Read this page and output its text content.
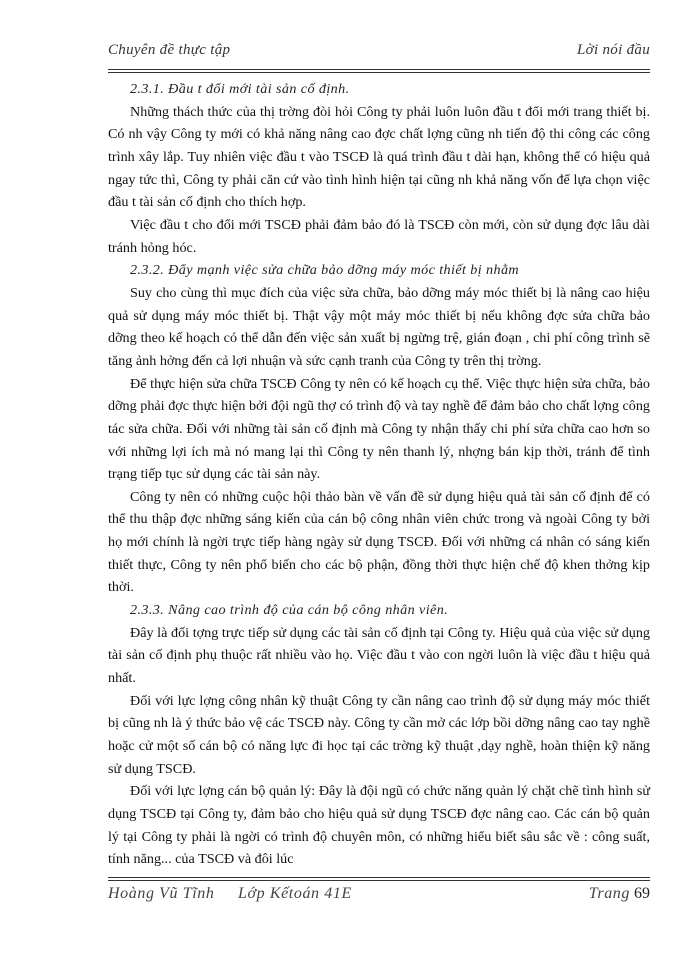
Chuyên đề thực tập	Lời nói đầu

2.3.1. Đầu t đổi mới tài sản cố định.

Những thách thức của thị trờng đòi hỏi Công ty phải luôn luôn đầu t đổi mới trang thiết bị. Có nh vậy Công ty mới có khả năng nâng cao đợc chất lợng cũng nh tiến độ thi công các công trình xây lắp. Tuy nhiên việc đầu t vào TSCĐ là quá trình đầu t dài hạn, không thể có hiệu quả ngay tức thì, Công ty phải căn cứ vào tình hình hiện tại cũng nh khả năng vốn để lựa chọn việc đầu t tài sản cố định cho thích hợp.

Việc đầu t cho đổi mới TSCĐ phải đảm bảo đó là TSCĐ còn mới, còn sử dụng đợc lâu dài tránh hỏng hóc.

2.3.2. Đẩy mạnh việc sửa chữa bảo dỡng máy móc thiết bị nhằm

Suy cho cùng thì mục đích của việc sửa chữa, bảo dỡng máy móc thiết bị là nâng cao hiệu quả sử dụng máy móc thiết bị. Thật vậy một máy móc thiết bị nếu không đợc sửa chữa bảo dỡng theo kế hoạch có thể dẫn đến việc sản xuất bị ngừng trệ, gián đoạn , chi phí công trình sẽ tăng ảnh hởng đến cả lợi nhuận và sức cạnh tranh của Công ty trên thị trờng.

Để thực hiện sửa chữa TSCĐ Công ty nên có kế hoạch cụ thể. Việc thực hiện sửa chữa, bảo dỡng phải đợc thực hiện bởi đội ngũ thợ có trình độ và tay nghề để đảm bảo cho chất lợng công tác sửa chữa. Đối với những tài sản cố định mà Công ty nhận thấy chi phí sửa chữa cao hơn so với những lợi ích mà nó mang lại thì Công ty nên thanh lý, nhợng bán kịp thời, tránh để tình trạng tiếp tục sử dụng các tài sản này.

Công ty nên có những cuộc hội thảo bàn về vấn đề sử dụng hiệu quả tài sản cố định để có thể thu thập đợc những sáng kiến của cán bộ công nhân viên chức trong và ngoài Công ty bởi họ mới chính là ngời trực tiếp hàng ngày sử dụng TSCĐ. Đối với những cá nhân có sáng kiến thiết thực, Công ty nên phổ biến cho các bộ phận, đồng thời thực hiện chế độ khen thởng kịp thời.

2.3.3. Nâng cao trình độ của cán bộ công nhân viên.

Đây là đối tợng trực tiếp sử dụng các tài sản cố định tại Công ty. Hiệu quả của việc sử dụng tài sản cố định phụ thuộc rất nhiều vào họ. Việc đầu t vào con ngời luôn là việc đầu t hiệu quả nhất.

Đối với lực lợng công nhân kỹ thuật Công ty cần nâng cao trình độ sử dụng máy móc thiết bị cũng nh là ý thức bảo vệ các TSCĐ này. Công ty cần mở các lớp bồi dỡng nâng cao tay nghề hoặc cử một số cán bộ có năng lực đi học tại các trờng kỹ thuật ,dạy nghề, hoàn thiện kỹ năng sử dụng TSCĐ.

Đối với lực lợng cán bộ quản lý: Đây là đội ngũ có chức năng quản lý chặt chẽ tình hình sử dụng TSCĐ tại Công ty, đảm bảo cho hiệu quả sử dụng TSCĐ đợc nâng cao. Các cán bộ quản lý tại Công ty phải là ngời có trình độ chuyên môn, có những hiểu biết sâu sắc về : công suất, tính năng... của TSCĐ và đôi lúc

Hoàng Vũ Tĩnh Lớp Kếtoán 41E	Trang 69
